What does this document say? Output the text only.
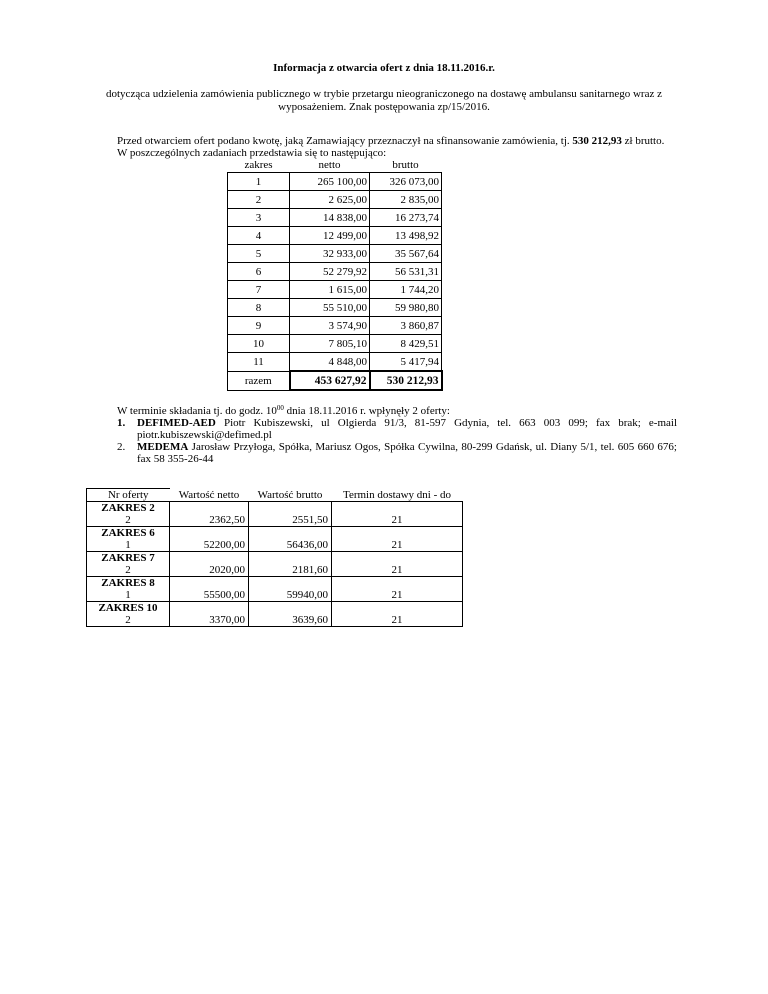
Informacja z otwarcia ofert z dnia 18.11.2016.r.
dotycząca udzielenia zamówienia publicznego w trybie przetargu nieograniczonego na dostawę ambulansu sanitarnego wraz z wyposażeniem. Znak postępowania zp/15/2016.
Przed otwarciem ofert podano kwotę, jaką Zamawiający przeznaczył na sfinansowanie zamówienia, tj. 530 212,93 zł brutto.
W poszczególnych zadaniach przedstawia się to następująco:
zakres	netto	brutto
1	265 100,00	326 073,00
2	2 625,00	2 835,00
3	14 838,00	16 273,74
4	12 499,00	13 498,92
5	32 933,00	35 567,64
6	52 279,92	56 531,31
7	1 615,00	1 744,20
8	55 510,00	59 980,80
9	3 574,90	3 860,87
10	7 805,10	8 429,51
11	4 848,00	5 417,94
razem	453 627,92	530 212,93
W terminie składania tj. do godz. $10^{00}$ dnia 18.11.2016 r. wpłynęły 2 oferty:
1. DEFIMED-AED Piotr Kubiszewski, ul Olgierda 91/3, 81-597 Gdynia, tel. 663 003 099; fax brak; e-mail piotr.kubiszewski@defimed.pl
2. MEDEMA Jarosław Przyłoga, Spółka, Mariusz Ogos, Spółka Cywilna, 80-299 Gdańsk, ul. Diany 5/1, tel. 605 660 676; fax 58 355-26-44
Nr oferty	Wartość netto	Wartość brutto	Termin dostawy dni - do

ZAKRES 2
2	2362,50	2551,50	21

ZAKRES 6
1	52200,00	56436,00	21

ZAKRES 7
2	2020,00	2181,60	21

ZAKRES 8
1	55500,00	59940,00	21

ZAKRES 10
2	3370,00	3639,60	21
